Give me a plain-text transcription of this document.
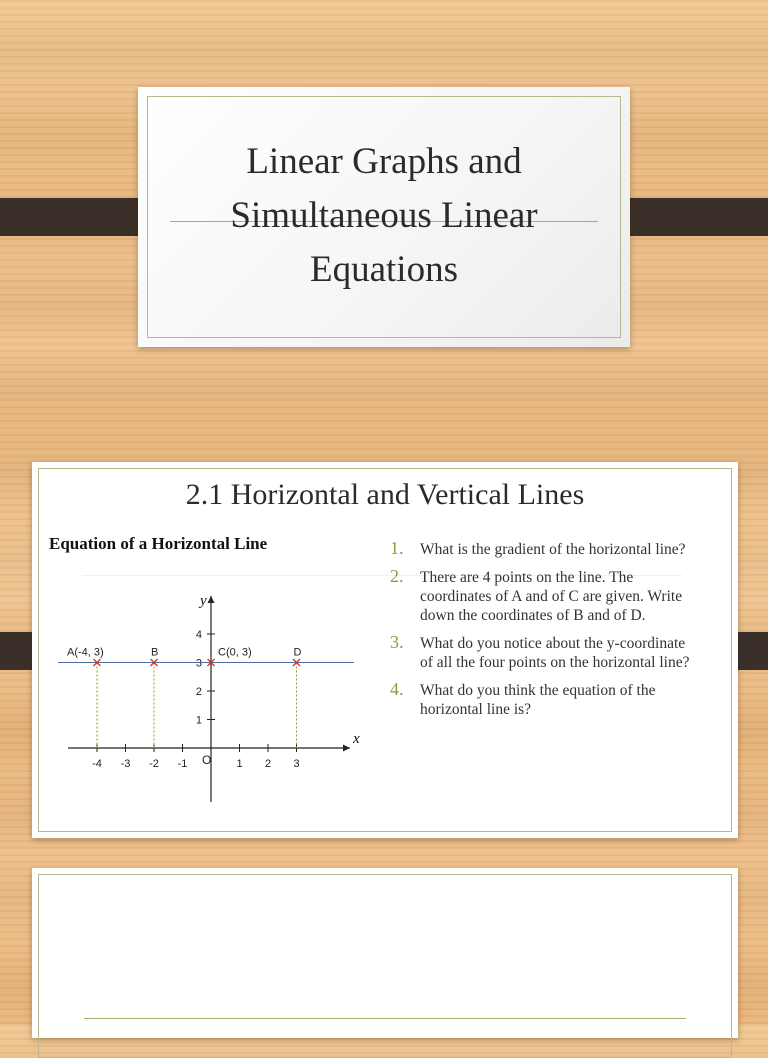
Linear Graphs and
Simultaneous Linear
Equations
2.1 Horizontal and Vertical Lines

Equation of a Horizontal Line

-4 -3 -2 -1	1 2 3
1
2
3
4
A(-4, 3)	B	C(0, 3)	D
x
y
O
1. What is the gradient of the horizontal line?
2. There are 4 points on the line. The coordinates of A and of C are given. Write down the coordinates of B and of D.
3. What do you notice about the y-coordinate of all the four points on the horizontal line?
4. What do you think the equation of the horizontal line is?
